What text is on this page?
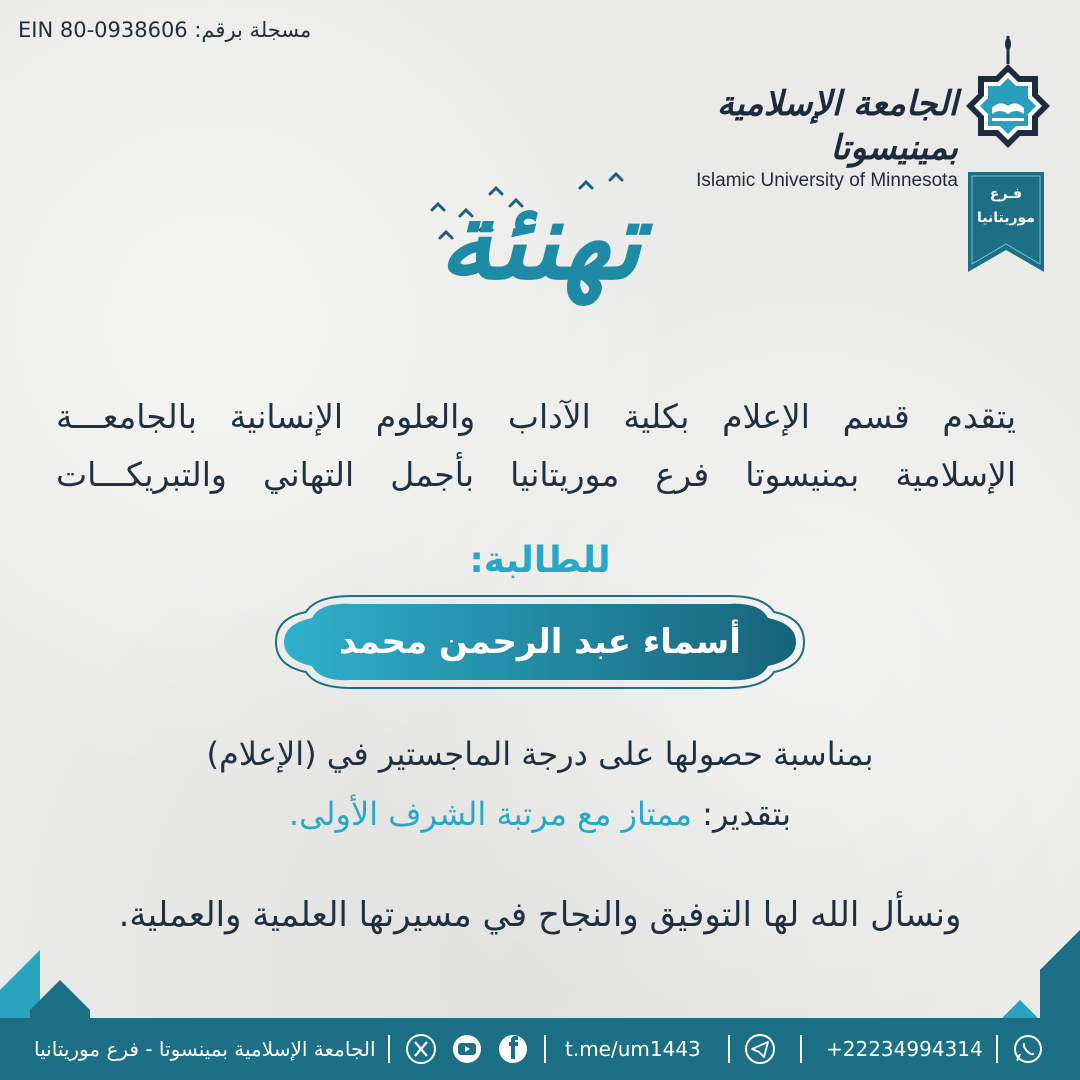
EIN 80-0938606 مسجلة برقم:
الجامعة الإسلامية بمينيسوتا
Islamic University of Minnesota
فـرع
موريتانيا
تهنئة
يتقدم قسم الإعلام بكلية الآداب والعلوم الإنسانية بالجامعـــة
الإسلامية بمنيسوتا فرع موريتانيا بأجمل التهاني والتبريكـــات
للطالبة:
أسماء عبد الرحمن محمد
بمناسبة حصولها على درجة الماجستير في (الإعلام)
بتقدير: ممتاز مع مرتبة الشرف الأولى.
ونسأل الله لها التوفيق والنجاح في مسيرتها العلمية والعملية.
الجامعة الإسلامية بمينسوتا - فرع موريتانيا	t.me/um1443	+22234994314
